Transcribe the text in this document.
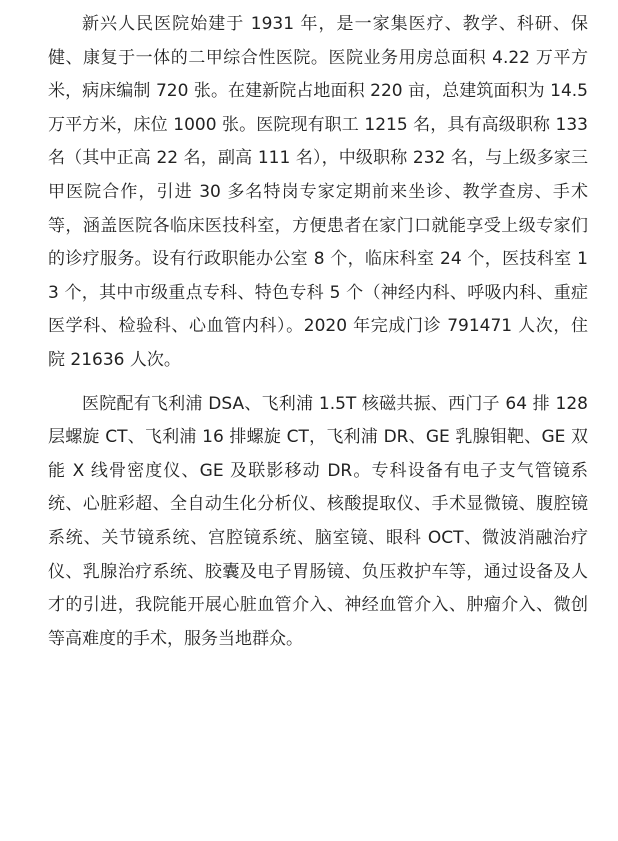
新兴人民医院始建于 1931 年，是一家集医疗、教学、科研、保健、康复于一体的二甲综合性医院。医院业务用房总面积 4.22 万平方米，病床编制 720 张。在建新院占地面积 220 亩，总建筑面积为 14.5 万平方米，床位 1000 张。医院现有职工 1215 名，具有高级职称 133 名（其中正高 22 名，副高 111 名），中级职称 232 名，与上级多家三甲医院合作，引进 30 多名特岗专家定期前来坐诊、教学查房、手术等，涵盖医院各临床医技科室，方便患者在家门口就能享受上级专家们的诊疗服务。设有行政职能办公室 8 个，临床科室 24 个，医技科室 13 个，其中市级重点专科、特色专科 5 个（神经内科、呼吸内科、重症医学科、检验科、心血管内科）。2020 年完成门诊 791471 人次，住院 21636 人次。

医院配有飞利浦 DSA、飞利浦 1.5T 核磁共振、西门子 64 排 128 层螺旋 CT、飞利浦 16 排螺旋 CT，飞利浦 DR、GE 乳腺钼靶、GE 双能 X 线骨密度仪、GE 及联影移动 DR。专科设备有电子支气管镜系统、心脏彩超、全自动生化分析仪、核酸提取仪、手术显微镜、腹腔镜系统、关节镜系统、宫腔镜系统、脑室镜、眼科 OCT、微波消融治疗仪、乳腺治疗系统、胶囊及电子胃肠镜、负压救护车等，通过设备及人才的引进，我院能开展心脏血管介入、神经血管介入、肿瘤介入、微创等高难度的手术，服务当地群众。
